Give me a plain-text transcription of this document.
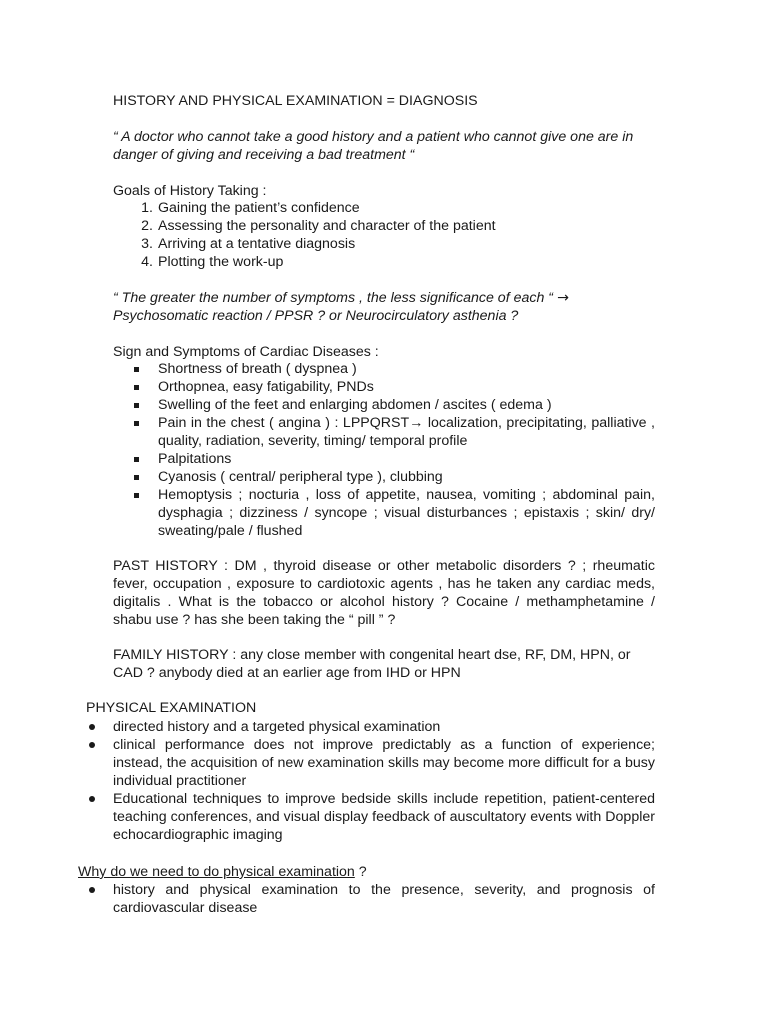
HISTORY AND PHYSICAL EXAMINATION = DIAGNOSIS
“ A doctor who cannot take a good history and a patient who cannot give one are in danger of giving and receiving a bad treatment “
Goals of History Taking :
1. Gaining the patient’s confidence
2. Assessing the personality and character of the patient
3. Arriving at a tentative diagnosis
4. Plotting the work-up
“ The greater the number of symptoms , the less significance of each “ →
Psychosomatic reaction / PPSR ? or Neurocirculatory asthenia ?
Sign and Symptoms of Cardiac Diseases :
Shortness of breath ( dyspnea )
Orthopnea, easy fatigability, PNDs
Swelling of the feet and enlarging abdomen / ascites ( edema )
Pain in the chest ( angina ) : LPPQRST→ localization, precipitating, palliative , quality, radiation, severity, timing/ temporal profile
Palpitations
Cyanosis ( central/ peripheral type ), clubbing
Hemoptysis ; nocturia , loss of appetite, nausea, vomiting ; abdominal pain, dysphagia ; dizziness / syncope ; visual disturbances ; epistaxis ; skin/ dry/ sweating/pale / flushed
PAST HISTORY : DM , thyroid disease or other metabolic disorders ? ; rheumatic fever, occupation , exposure to cardiotoxic agents , has he taken any cardiac meds, digitalis . What is the tobacco or alcohol history ? Cocaine / methamphetamine / shabu use ? has she been taking the “ pill ” ?
FAMILY HISTORY : any close member with congenital heart dse, RF, DM, HPN, or CAD ? anybody died at an earlier age from IHD or HPN
PHYSICAL EXAMINATION
directed history and a targeted physical examination
clinical performance does not improve predictably as a function of experience; instead, the acquisition of new examination skills may become more difficult for a busy individual practitioner
Educational techniques to improve bedside skills include repetition, patient-centered teaching conferences, and visual display feedback of auscultatory events with Doppler echocardiographic imaging
Why do we need to do physical examination ?
history and physical examination to the presence, severity, and prognosis of cardiovascular disease
